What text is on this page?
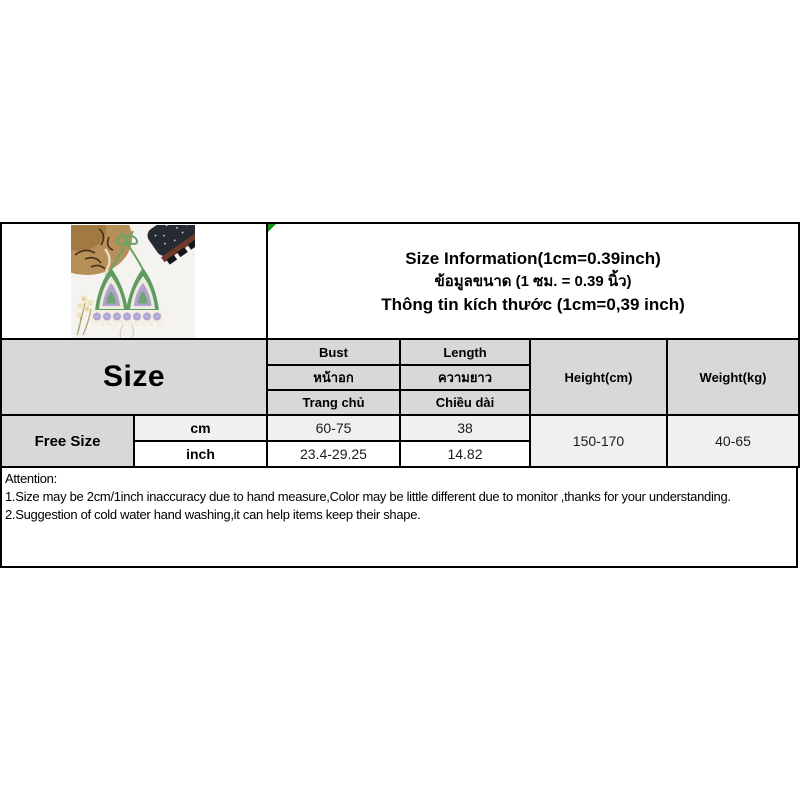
Size Information(1cm=0.39inch)
ข้อมูลขนาด (1 ซม. = 0.39 นิ้ว)
Thông tin kích thước (1cm=0,39 inch)			

Size		Bust	Length	Height(cm)	Weight(kg)
		หน้าอก	ความยาว		
		Trang chủ	Chiều dài		
Free Size	cm	60-75	38	150-170	40-65
	inch	23.4-29.25	14.82		
Attention:
1.Size may be 2cm/1inch inaccuracy due to hand measure,Color may be little different due to monitor ,thanks for your understanding.
2.Suggestion of cold water hand washing,it can help items keep their shape.
